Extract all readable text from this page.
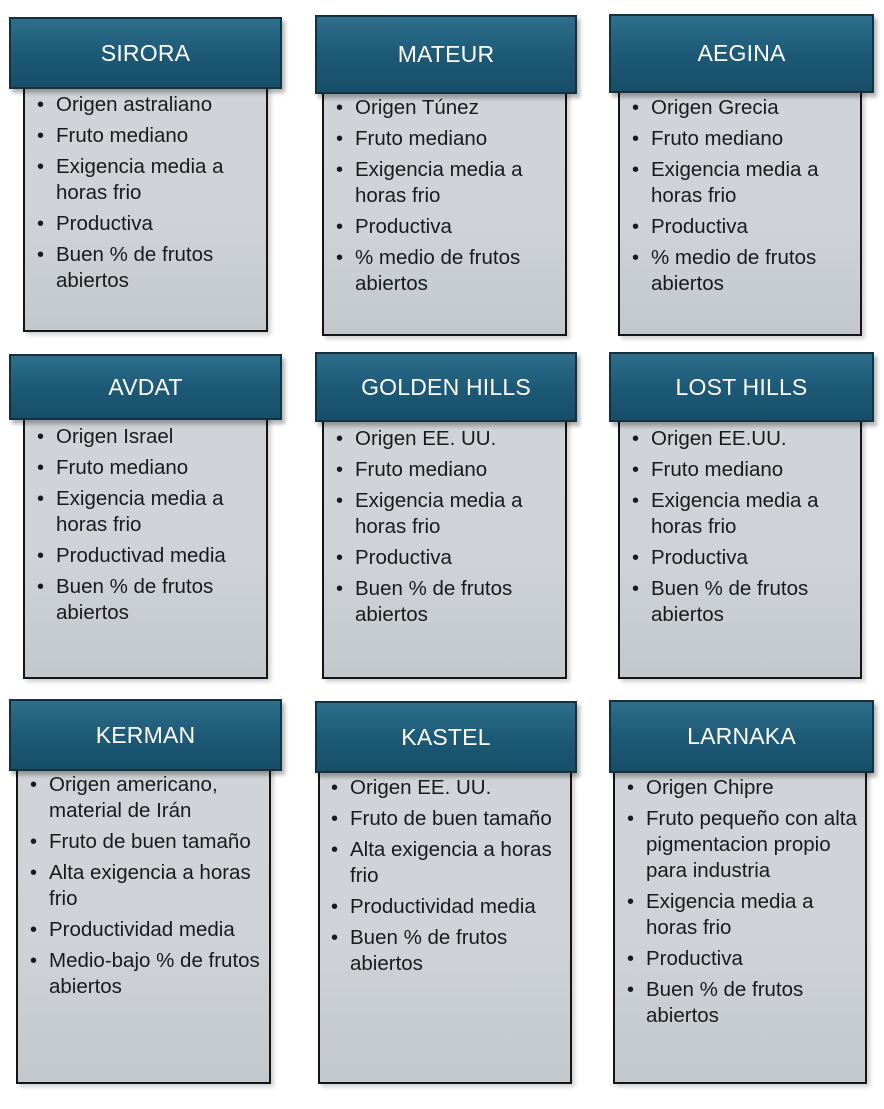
SIRORA
• Origen astraliano
• Fruto mediano
• Exigencia media a horas frio
• Productiva
• Buen % de frutos abiertos
MATEUR
• Origen Túnez
• Fruto mediano
• Exigencia media a horas frio
• Productiva
• % medio de frutos abiertos
AEGINA
• Origen Grecia
• Fruto mediano
• Exigencia media a horas frio
• Productiva
• % medio de frutos abiertos
AVDAT
• Origen Israel
• Fruto mediano
• Exigencia media a horas frio
• Productivad media
• Buen % de frutos abiertos
GOLDEN HILLS
• Origen EE. UU.
• Fruto mediano
• Exigencia media a horas frio
• Productiva
• Buen % de frutos abiertos
LOST HILLS
• Origen EE.UU.
• Fruto mediano
• Exigencia media a horas frio
• Productiva
• Buen % de frutos abiertos
KERMAN
• Origen americano, material de Irán
• Fruto de buen tamaño
• Alta exigencia a horas frio
• Productividad media
• Medio-bajo % de frutos abiertos
KASTEL
• Origen EE. UU.
• Fruto de buen tamaño
• Alta exigencia a horas frio
• Productividad media
• Buen % de frutos abiertos
LARNAKA
• Origen Chipre
• Fruto pequeño con alta pigmentacion propio para industria
• Exigencia media a horas frio
• Productiva
• Buen % de frutos abiertos
